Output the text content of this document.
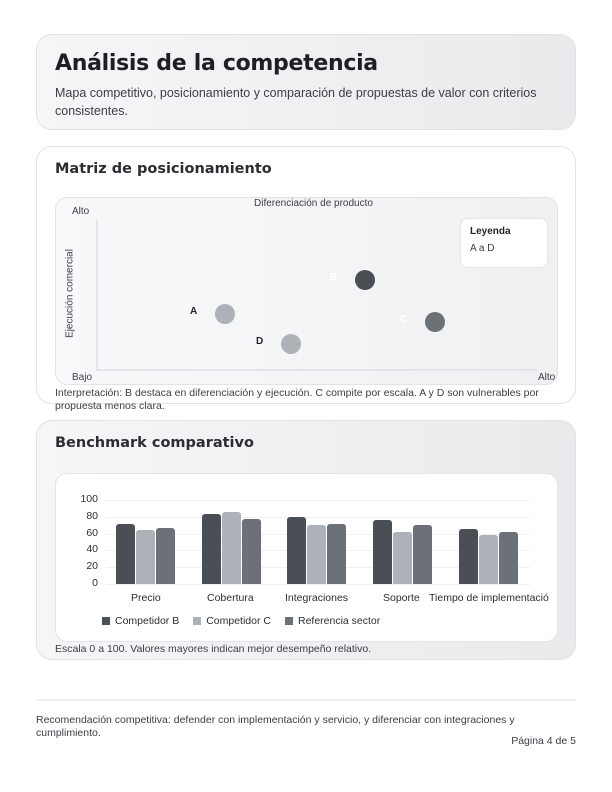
Análisis de la competencia

Mapa competitivo, posicionamiento y comparación de propuestas de valor con criterios consistentes.

Matriz de posicionamiento
Alto
Diferenciación de producto
Ejecución comercial
Bajo	Alto
Leyenda
A a D
A
B
C
D
Interpretación: B destaca en diferenciación y ejecución. C compite por escala. A y D son vulnerables por propuesta menos clara.
Benchmark comparativo
100
80
60
40
20
0
Precio	Cobertura	Integraciones	Soporte Tiempo de implementació
Competidor B	Competidor C	Referencia sector
Escala 0 a 100. Valores mayores indican mejor desempeño relativo.
Recomendación competitiva: defender con implementación y servicio, y diferenciar con integraciones y cumplimiento.
Página 4 de 5
